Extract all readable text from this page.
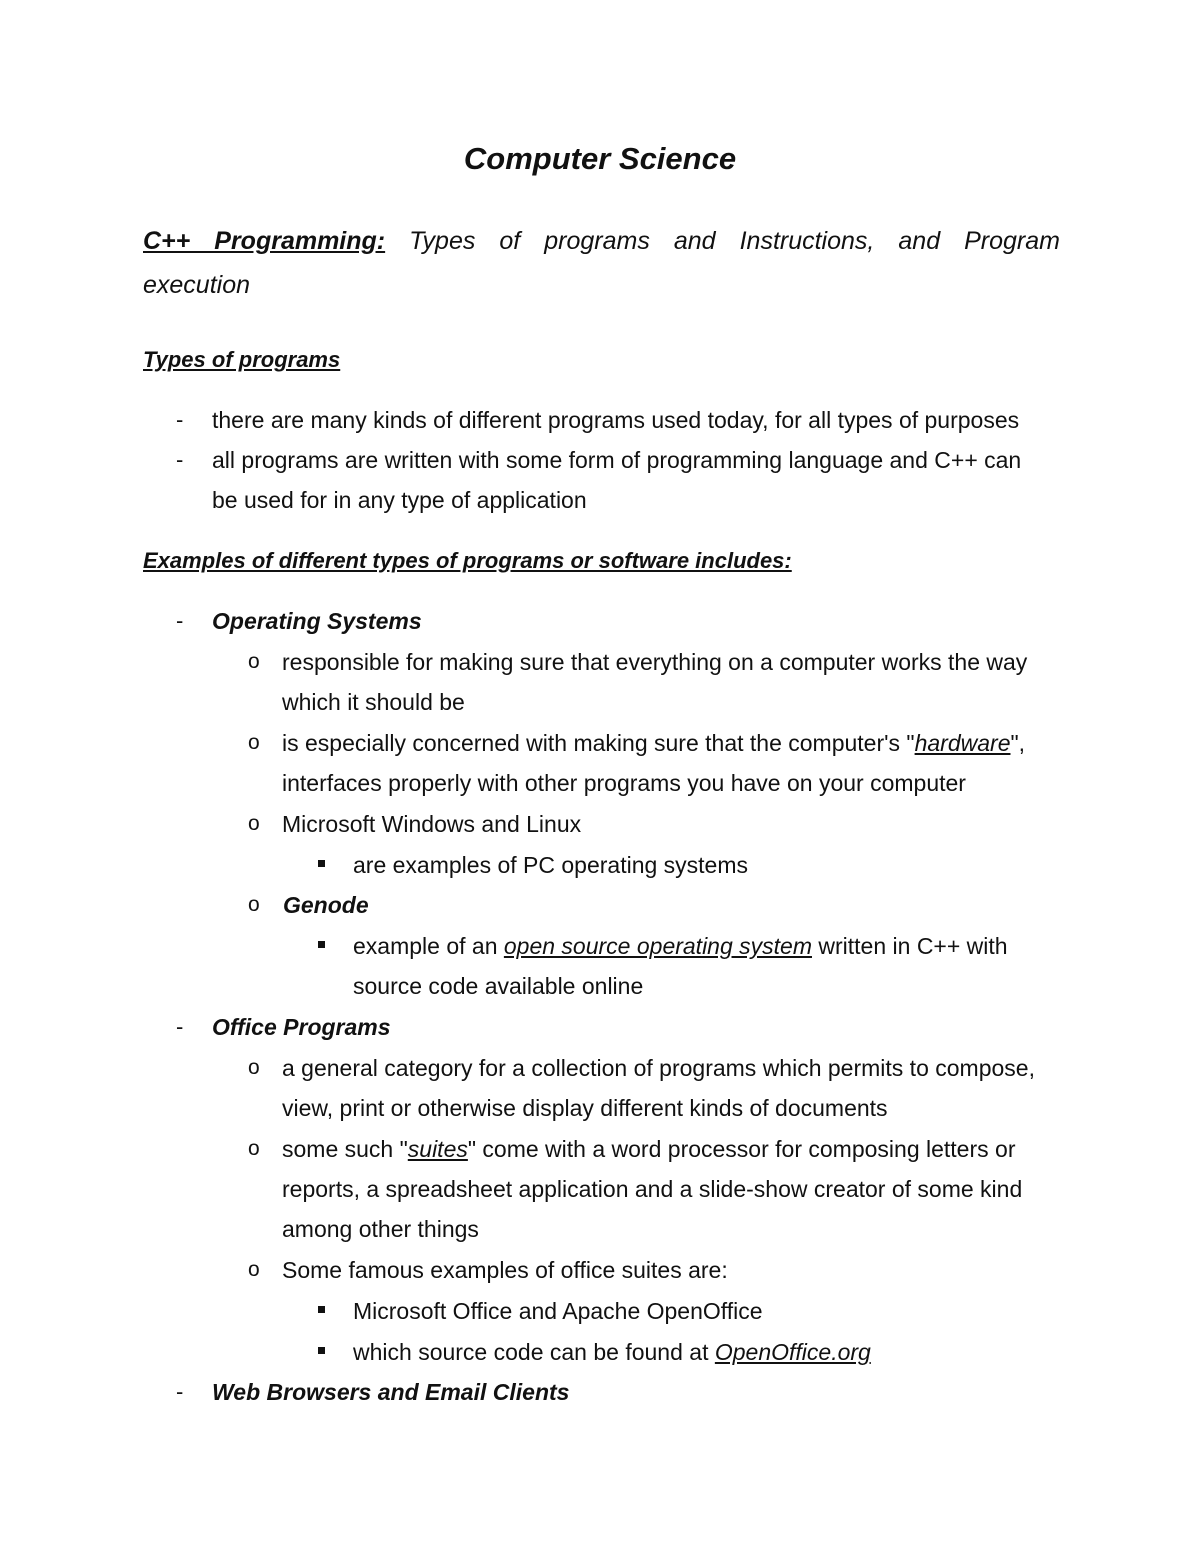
Computer Science
C++ Programming: Types of programs and Instructions, and Program
execution
Types of programs
- there are many kinds of different programs used today, for all types of purposes
- all programs are written with some form of programming language and C++ can
be used for in any type of application
Examples of different types of programs or software includes:
- Operating Systems
o responsible for making sure that everything on a computer works the way
which it should be
o is especially concerned with making sure that the computer's "hardware",
interfaces properly with other programs you have on your computer
o Microsoft Windows and Linux
are examples of PC operating systems
o Genode
example of an open source operating system written in C++ with
source code available online
- Office Programs
o a general category for a collection of programs which permits to compose,
view, print or otherwise display different kinds of documents
o some such "suites" come with a word processor for composing letters or
reports, a spreadsheet application and a slide-show creator of some kind
among other things
o Some famous examples of office suites are:
Microsoft Office and Apache OpenOffice
which source code can be found at OpenOffice.org
- Web Browsers and Email Clients
